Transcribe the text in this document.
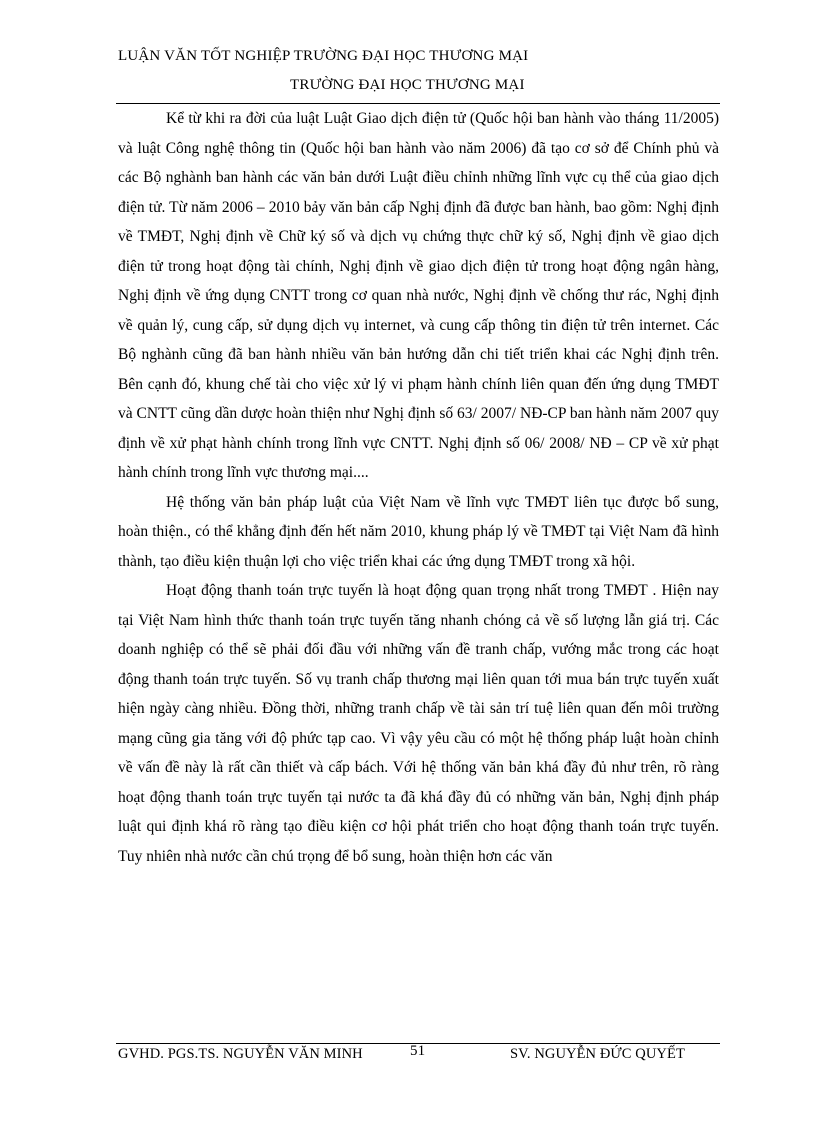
LUẬN VĂN TỐT NGHIỆP TRƯỜNG ĐẠI HỌC THƯƠNG MẠI
TRƯỜNG ĐẠI HỌC THƯƠNG MẠI

Kể từ khi ra đời của luật Luật Giao dịch điện tử (Quốc hội ban hành vào tháng 11/2005) và luật Công nghệ thông tin (Quốc hội ban hành vào năm 2006) đã tạo cơ sở để Chính phủ và các Bộ nghành ban hành các văn bản dưới Luật điều chỉnh những lĩnh vực cụ thể của giao dịch điện tử. Từ năm 2006 – 2010 bảy văn bản cấp Nghị định đã được ban hành, bao gồm: Nghị định về TMĐT, Nghị định về Chữ ký số và dịch vụ chứng thực chữ ký số, Nghị định về giao dịch điện tử trong hoạt động tài chính, Nghị định về giao dịch điện tử trong hoạt động ngân hàng, Nghị định về ứng dụng CNTT trong cơ quan nhà nước, Nghị định về chống thư rác, Nghị định về quản lý, cung cấp, sử dụng dịch vụ internet, và cung cấp thông tin điện tử trên internet. Các Bộ nghành cũng đã ban hành nhiều văn bản hướng dẫn chi tiết triển khai các Nghị định trên. Bên cạnh đó, khung chế tài cho việc xử lý vi phạm hành chính liên quan đến ứng dụng TMĐT và CNTT cũng dần dược hoàn thiện như Nghị định số 63/ 2007/ NĐ-CP ban hành năm 2007 quy định về xử phạt hành chính trong lĩnh vực CNTT. Nghị định số 06/ 2008/ NĐ – CP về xử phạt hành chính trong lĩnh vực thương mại....

Hệ thống văn bản pháp luật của Việt Nam về lĩnh vực TMĐT liên tục được bổ sung, hoàn thiện., có thể khẳng định đến hết năm 2010, khung pháp lý về TMĐT tại Việt Nam đã hình thành, tạo điều kiện thuận lợi cho việc triển khai các ứng dụng TMĐT trong xã hội.

Hoạt động thanh toán trực tuyến là hoạt động quan trọng nhất trong TMĐT . Hiện nay tại Việt Nam hình thức thanh toán trực tuyến tăng nhanh chóng cả về số lượng lẫn giá trị. Các doanh nghiệp có thể sẽ phải đối đầu với những vấn đề tranh chấp, vướng mắc trong các hoạt động thanh toán trực tuyến. Số vụ tranh chấp thương mại liên quan tới mua bán trực tuyến xuất hiện ngày càng nhiều. Đồng thời, những tranh chấp về tài sản trí tuệ liên quan đến môi trường mạng cũng gia tăng với độ phức tạp cao. Vì vậy yêu cầu có một hệ thống pháp luật hoàn chỉnh về vấn đề này là rất cần thiết và cấp bách. Với hệ thống văn bản khá đầy đủ như trên, rõ ràng hoạt động thanh toán trực tuyến tại nước ta đã khá đầy đủ có những văn bản, Nghị định pháp luật qui định khá rõ ràng tạo điều kiện cơ hội phát triển cho hoạt động thanh toán trực tuyến. Tuy nhiên nhà nước cần chú trọng để bổ sung, hoàn thiện hơn các văn

GVHD. PGS.TS. NGUYỄN VĂN MINH	51	SV. NGUYỄN ĐỨC QUYẾT
